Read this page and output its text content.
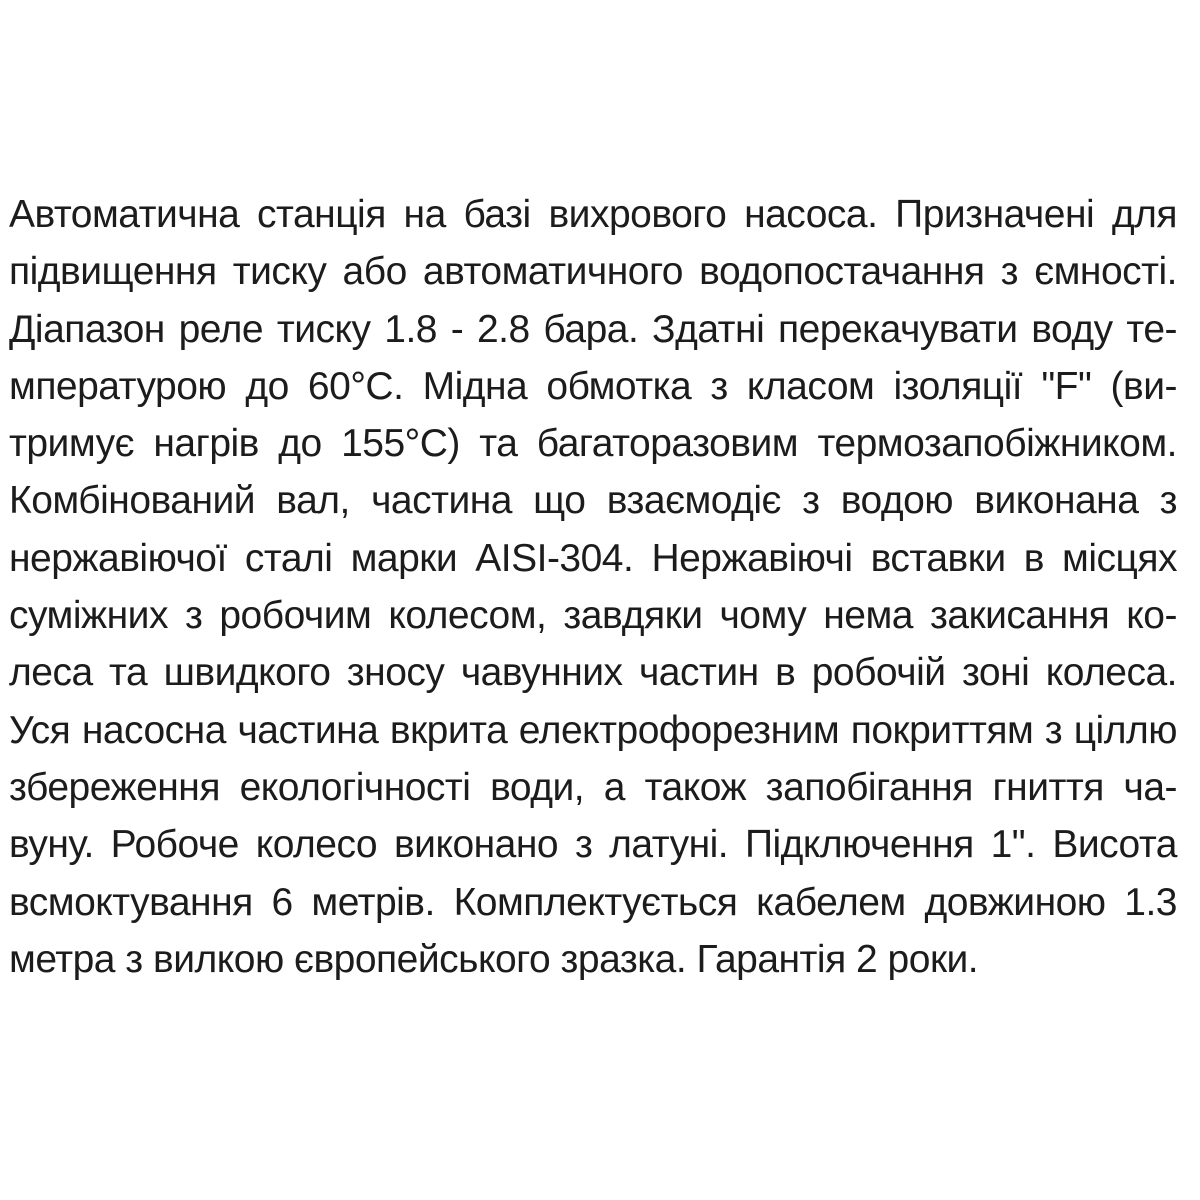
Автоматична станція на базі вихрового насоса. Призначені для
підвищення тиску або автоматичного водопостачання з ємності.
Діапазон реле тиску 1.8 - 2.8 бара. Здатні перекачувати воду те-
мпературою до 60°C. Мідна обмотка з класом ізоляції "F" (ви-
тримує нагрів до 155°C) та багаторазовим термозапобіжником.
Комбінований вал, частина що взаємодіє з водою виконана з
нержавіючої сталі марки AISI-304. Нержавіючі вставки в місцях
суміжних з робочим колесом, завдяки чому нема закисання ко-
леса та швидкого зносу чавунних частин в робочій зоні колеса.
Уся насосна частина вкрита електрофорезним покриттям з ціллю
збереження екологічності води, а також запобігання гниття ча-
вуну. Робоче колесо виконано з латуні. Підключення 1". Висота
всмоктування 6 метрів. Комплектується кабелем довжиною 1.3
метра з вилкою європейського зразка. Гарантія 2 роки.
